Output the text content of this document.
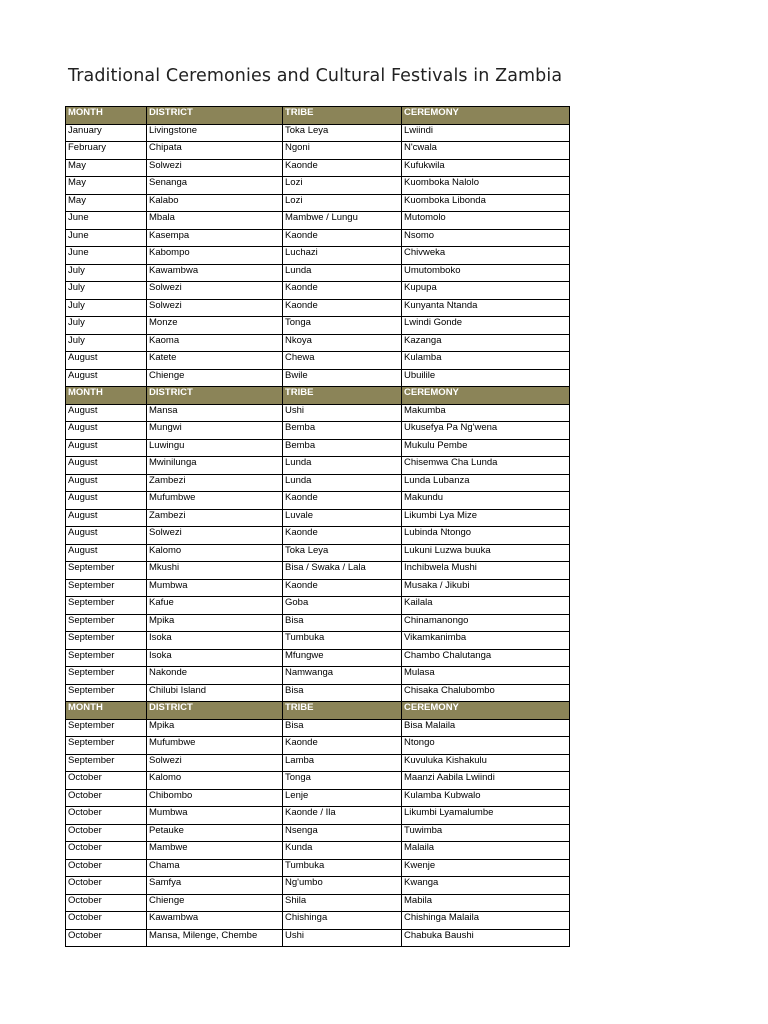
Traditional Ceremonies and Cultural Festivals in Zambia
MONTH	DISTRICT	TRIBE	CEREMONY
January	Livingstone	Toka Leya	Lwiindi
February	Chipata	Ngoni	N'cwala
May	Solwezi	Kaonde	Kufukwila
May	Senanga	Lozi	Kuomboka Nalolo
May	Kalabo	Lozi	Kuomboka Libonda
June	Mbala	Mambwe / Lungu	Mutomolo
June	Kasempa	Kaonde	Nsomo
June	Kabompo	Luchazi	Chivweka
July	Kawambwa	Lunda	Umutomboko
July	Solwezi	Kaonde	Kupupa
July	Solwezi	Kaonde	Kunyanta Ntanda
July	Monze	Tonga	Lwindi Gonde
July	Kaoma	Nkoya	Kazanga
August	Katete	Chewa	Kulamba
August	Chienge	Bwile	Ubuilile
MONTH	DISTRICT	TRIBE	CEREMONY
August	Mansa	Ushi	Makumba
August	Mungwi	Bemba	Ukusefya Pa Ng'wena
August	Luwingu	Bemba	Mukulu Pembe
August	Mwinilunga	Lunda	Chisemwa Cha Lunda
August	Zambezi	Lunda	Lunda Lubanza
August	Mufumbwe	Kaonde	Makundu
August	Zambezi	Luvale	Likumbi Lya Mize
August	Solwezi	Kaonde	Lubinda Ntongo
August	Kalomo	Toka Leya	Lukuni Luzwa buuka
September	Mkushi	Bisa / Swaka / Lala	Inchibwela Mushi
September	Mumbwa	Kaonde	Musaka / Jikubi
September	Kafue	Goba	Kailala
September	Mpika	Bisa	Chinamanongo
September	Isoka	Tumbuka	Vikamkanimba
September	Isoka	Mfungwe	Chambo Chalutanga
September	Nakonde	Namwanga	Mulasa
September	Chilubi Island	Bisa	Chisaka Chalubombo
MONTH	DISTRICT	TRIBE	CEREMONY
September	Mpika	Bisa	Bisa Malaila
September	Mufumbwe	Kaonde	Ntongo
September	Solwezi	Lamba	Kuvuluka Kishakulu
October	Kalomo	Tonga	Maanzi Aabila Lwiindi
October	Chibombo	Lenje	Kulamba Kubwalo
October	Mumbwa	Kaonde / Ila	Likumbi Lyamalumbe
October	Petauke	Nsenga	Tuwimba
October	Mambwe	Kunda	Malaila
October	Chama	Tumbuka	Kwenje
October	Samfya	Ng'umbo	Kwanga
October	Chienge	Shila	Mabila
October	Kawambwa	Chishinga	Chishinga Malaila
October	Mansa, Milenge, Chembe	Ushi	Chabuka Baushi
